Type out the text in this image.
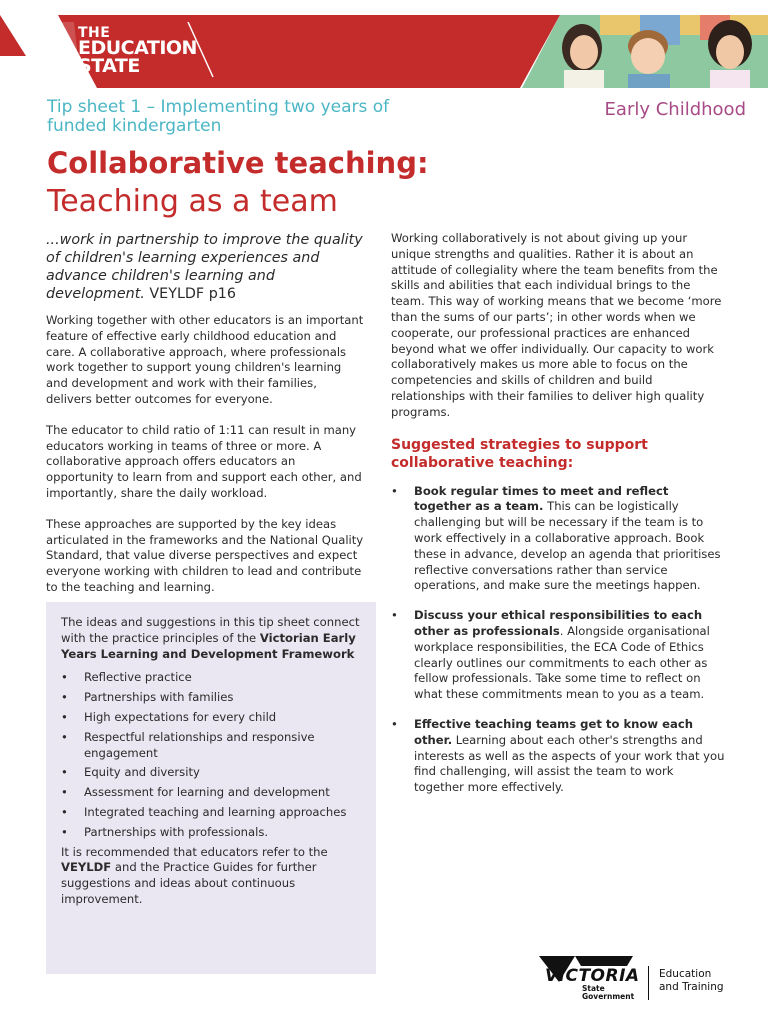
THE
EDUCATION
STATE
Tip sheet 1 – Implementing two years of funded kindergarten
Early Childhood
Collaborative teaching:
Teaching as a team

...work in partnership to improve the quality of children's learning experiences and advance children's learning and development. VEYLDF p16

Working together with other educators is an important feature of effective early childhood education and care. A collaborative approach, where professionals work together to support young children's learning and development and work with their families, delivers better outcomes for everyone.

The educator to child ratio of 1:11 can result in many educators working in teams of three or more. A collaborative approach offers educators an opportunity to learn from and support each other, and importantly, share the daily workload.

These approaches are supported by the key ideas articulated in the frameworks and the National Quality Standard, that value diverse perspectives and expect everyone working with children to lead and contribute to the teaching and learning.

The ideas and suggestions in this tip sheet connect with the practice principles of the Victorian Early Years Learning and Development Framework

• Reflective practice
• Partnerships with families
• High expectations for every child
• Respectful relationships and responsive engagement
• Equity and diversity
• Assessment for learning and development
• Integrated teaching and learning approaches
• Partnerships with professionals.

It is recommended that educators refer to the VEYLDF and the Practice Guides for further suggestions and ideas about continuous improvement.

Working collaboratively is not about giving up your unique strengths and qualities. Rather it is about an attitude of collegiality where the team benefits from the skills and abilities that each individual brings to the team. This way of working means that we become ‘more than the sums of our parts’; in other words when we cooperate, our professional practices are enhanced beyond what we offer individually. Our capacity to work collaboratively makes us more able to focus on the competencies and skills of children and build relationships with their families to deliver high quality programs.

Suggested strategies to support collaborative teaching:
• Book regular times to meet and reflect together as a team. This can be logistically challenging but will be necessary if the team is to work effectively in a collaborative approach. Book these in advance, develop an agenda that prioritises reflective conversations rather than service operations, and make sure the meetings happen.
• Discuss your ethical responsibilities to each other as professionals. Alongside organisational workplace responsibilities, the ECA Code of Ethics clearly outlines our commitments to each other as fellow professionals. Take some time to reflect on what these commitments mean to you as a team.
• Effective teaching teams get to know each other. Learning about each other's strengths and interests as well as the aspects of your work that you find challenging, will assist the team to work together more effectively.
VICTORIA
State
Government
Education
and Training
